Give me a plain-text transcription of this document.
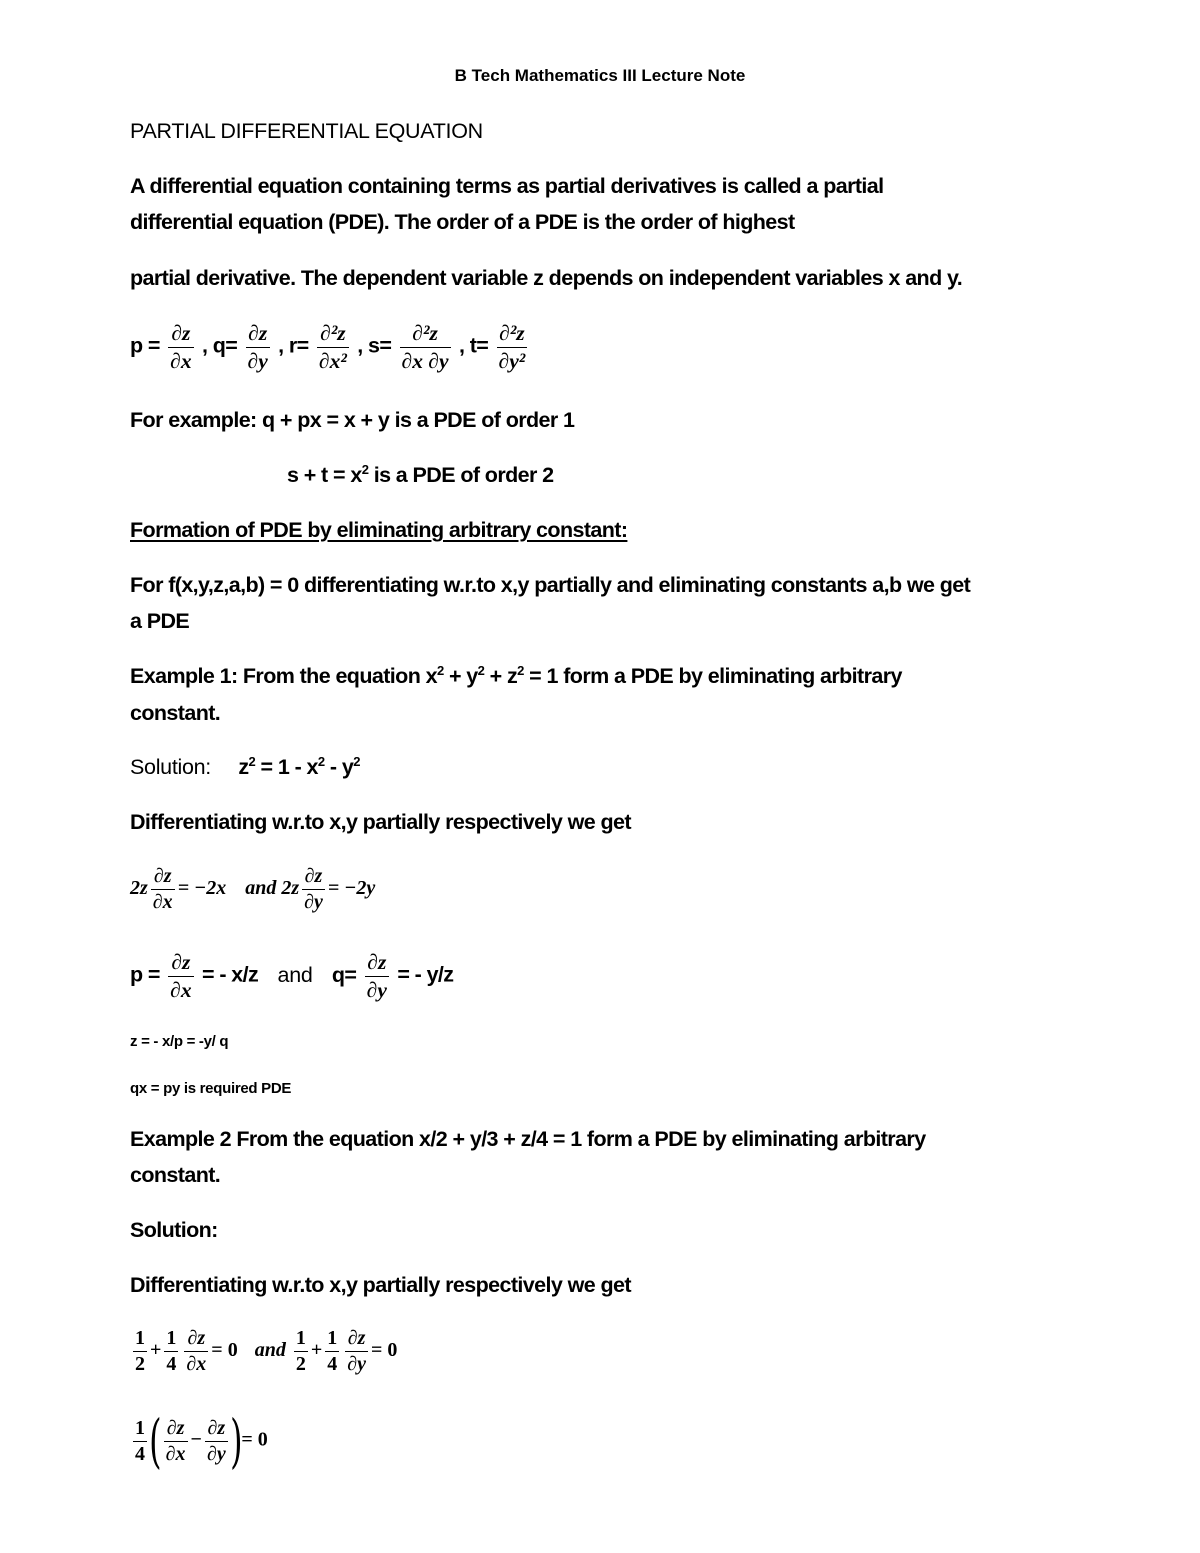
B Tech Mathematics III Lecture Note
PARTIAL DIFFERENTIAL EQUATION
A differential equation containing terms as partial derivatives is called a partial
differential equation (PDE). The order of a PDE is the order of highest
partial derivative. The dependent variable z depends on independent variables x and y.
$p = \frac{\partial z}{\partial x}$ , $q= \frac{\partial z}{\partial y}$ , $r= \frac{\text{∂²z}}{\text{∂x²}}$ , $s= \frac{\text{∂²z}}{\partial x \partial y}$ , $t= \frac{\text{∂²z}}{\text{∂y²}}$
For example: q + px = x + y is a PDE of order 1
$s + t = x^2$ is a PDE of order 2
Formation of PDE by eliminating arbitrary constant:
For f(x,y,z,a,b) = 0 differentiating w.r.to x,y partially and eliminating constants a,b we get
a PDE
Example 1: From the equation $x^2 + y^2 + z^2 = 1$ form a PDE by eliminating arbitrary
constant.
Solution: $z^2 = 1 - x^2 - y^2$
Differentiating w.r.to x,y partially respectively we get
$2z \frac{\partial z}{\partial x} = -2x$ and $2z \frac{\partial z}{\partial y} = -2y$
$p = \frac{\partial z}{\partial x}$ = - x/z and $q= \frac{\partial z}{\partial y}$ = - y/z
z = - x/p = -y/ q
qx = py is required PDE
Example 2 From the equation x/2 + y/3 + z/4 = 1 form a PDE by eliminating arbitrary
constant.
Solution:
Differentiating w.r.to x,y partially respectively we get
$\frac{1}{2} + \frac{1}{4} \frac{\partial z}{\partial x} = 0$ and $\frac{1}{2} + \frac{1}{4} \frac{\partial z}{\partial y} = 0$
$\frac{1}{4}$ ( $\frac{\partial z}{\partial x} - \frac{\partial z}{\partial y}$ )= 0
